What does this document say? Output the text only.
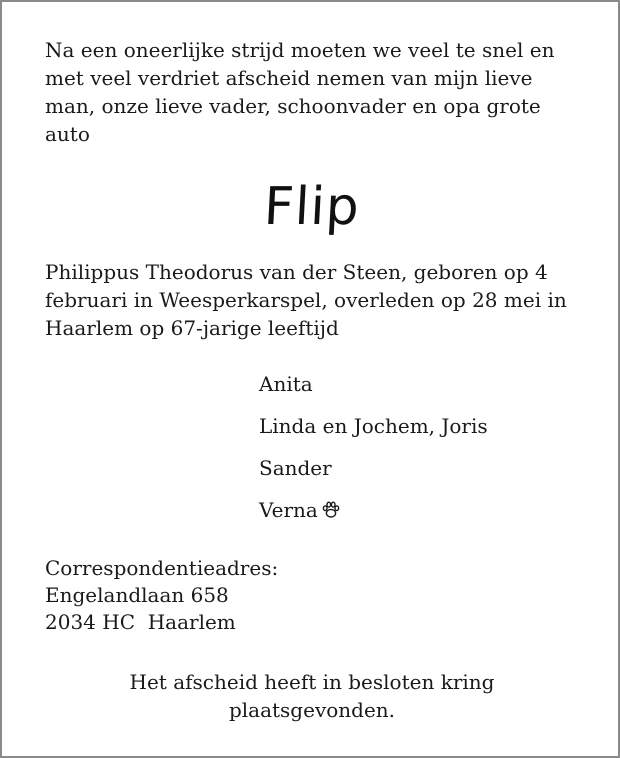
Na een oneerlijke strijd moeten we veel te snel en met veel verdriet afscheid nemen van mijn lieve man, onze lieve vader, schoonvader en opa grote auto
Flip
Philippus Theodorus van der Steen, geboren op 4 februari in Weesperkarspel, overleden op 28 mei in Haarlem op 67-jarige leeftijd
Anita
Linda en Jochem, Joris
Sander
Verna
Correspondentieadres:
Engelandlaan 658
2034 HC  Haarlem
Het afscheid heeft in besloten kring plaatsgevonden.
